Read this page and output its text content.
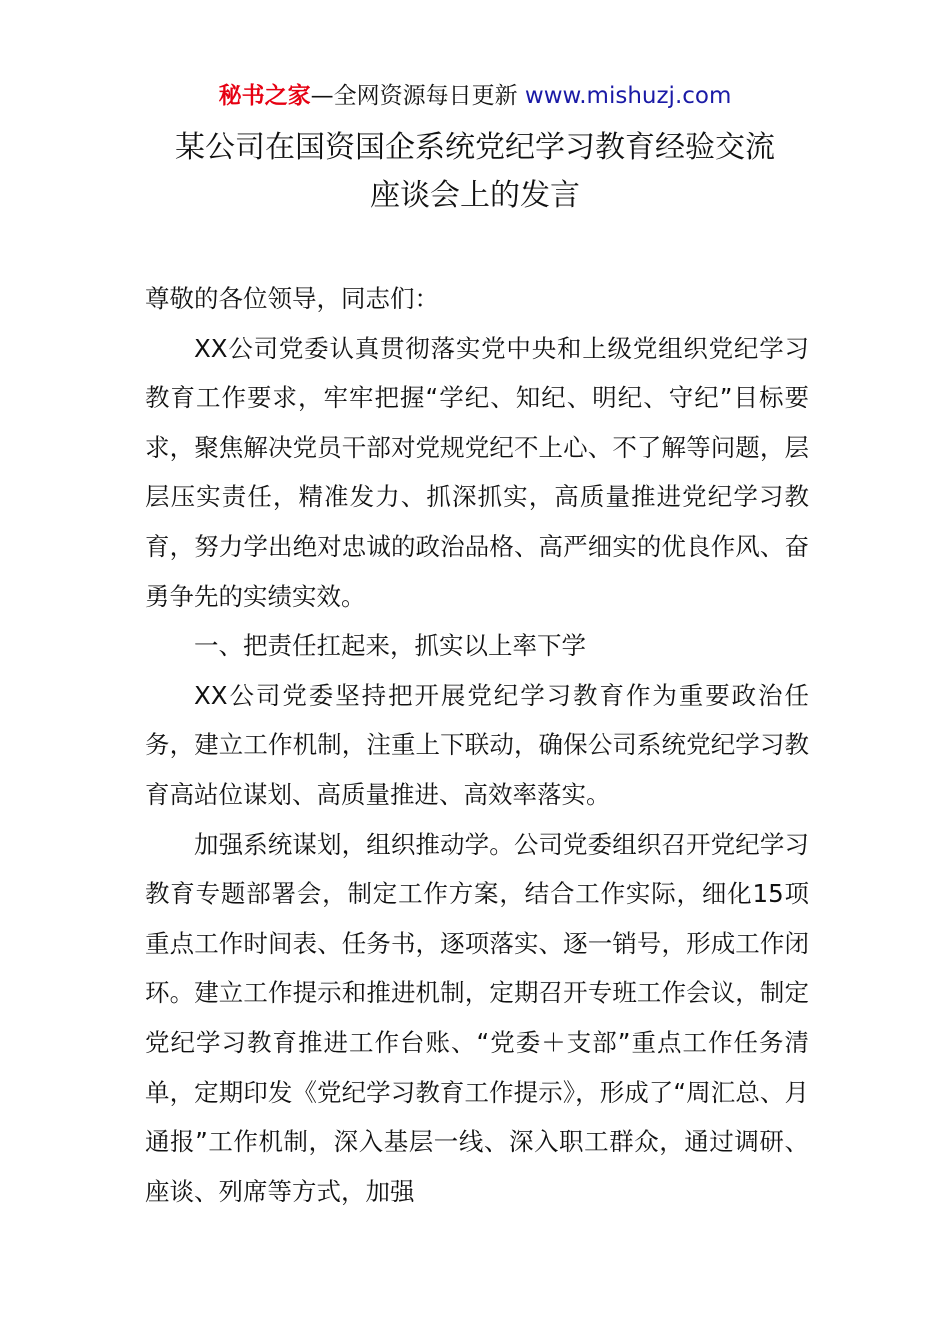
秘书之家—全网资源每日更新 www.mishuzj.com
某公司在国资国企系统党纪学习教育经验交流
座谈会上的发言

尊敬的各位领导，同志们：

XX公司党委认真贯彻落实党中央和上级党组织党纪学习教育工作要求，牢牢把握“学纪、知纪、明纪、守纪”目标要求，聚焦解决党员干部对党规党纪不上心、不了解等问题，层层压实责任，精准发力、抓深抓实，高质量推进党纪学习教育，努力学出绝对忠诚的政治品格、高严细实的优良作风、奋勇争先的实绩实效。

一、把责任扛起来，抓实以上率下学

XX公司党委坚持把开展党纪学习教育作为重要政治任务，建立工作机制，注重上下联动，确保公司系统党纪学习教育高站位谋划、高质量推进、高效率落实。

加强系统谋划，组织推动学。公司党委组织召开党纪学习教育专题部署会，制定工作方案，结合工作实际，细化15项重点工作时间表、任务书，逐项落实、逐一销号，形成工作闭环。建立工作提示和推进机制，定期召开专班工作会议，制定党纪学习教育推进工作台账、“党委＋支部”重点工作任务清单，定期印发《党纪学习教育工作提示》，形成了“周汇总、月通报”工作机制，深入基层一线、深入职工群众，通过调研、座谈、列席等方式，加强
